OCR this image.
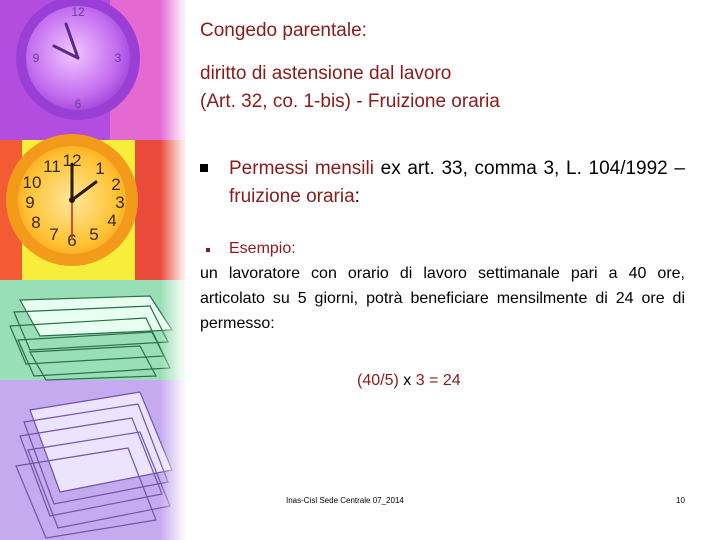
12
3
6
9
12 1
2
3
4
5
6
7
8
9
10
11
Congedo parentale:
diritto di astensione dal lavoro
(Art. 32, co. 1-bis) - Fruizione oraria
Permessi mensili ex art. 33, comma 3, L. 104/1992 – fruizione oraria:
Esempio:
un lavoratore con orario di lavoro settimanale pari a 40 ore, articolato su 5 giorni, potrà beneficiare mensilmente di 24 ore di permesso:
(40/5) x 3 = 24
Inas-Cisl Sede Centrale 07_2014	10
